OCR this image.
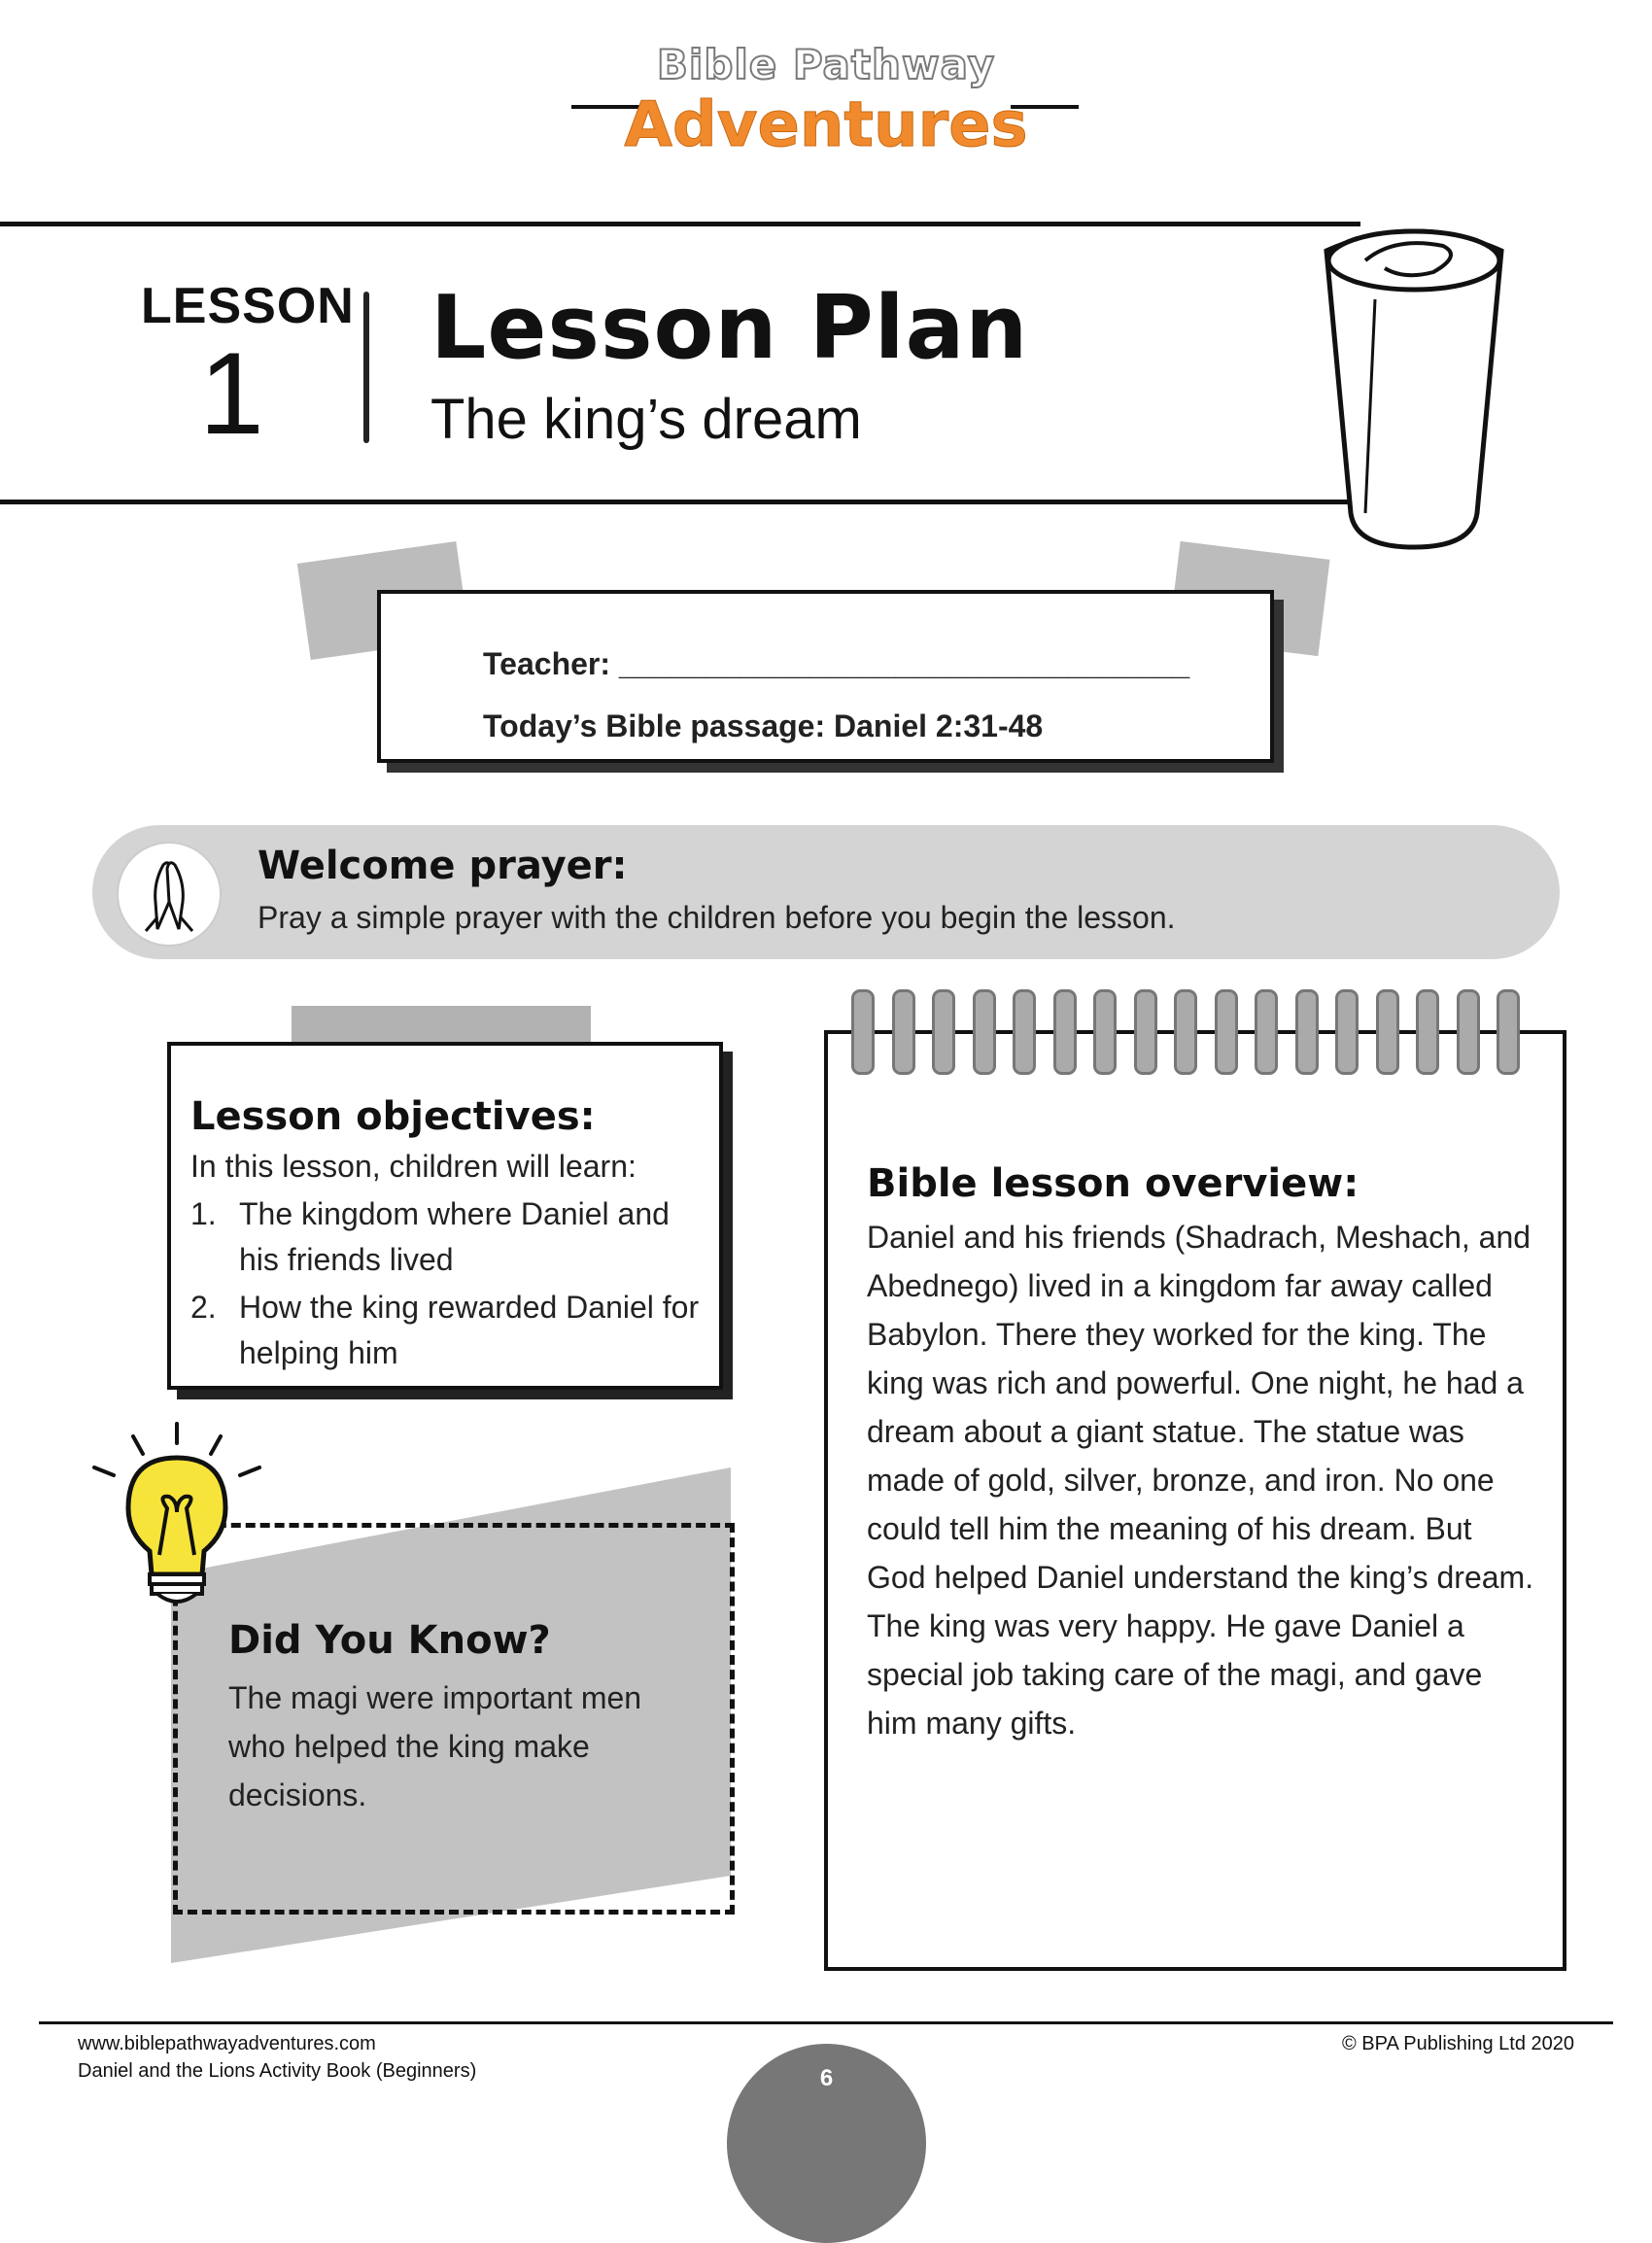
Bible Pathway
Adventures
LESSON
1
Lesson Plan
The king’s dream
Teacher: _________________________________
Today’s Bible passage: Daniel 2:31-48
Welcome prayer:
Pray a simple prayer with the children before you begin the lesson.
Lesson objectives:
In this lesson, children will learn:
1. The kingdom where Daniel and his friends lived
2. How the king rewarded Daniel for helping him
Did You Know?
The magi were important men who helped the king make decisions.
Bible lesson overview:
Daniel and his friends (Shadrach, Meshach, and Abednego) lived in a kingdom far away called Babylon. There they worked for the king. The king was rich and powerful. One night, he had a dream about a giant statue. The statue was made of gold, silver, bronze, and iron. No one could tell him the meaning of his dream. But God helped Daniel understand the king’s dream. The king was very happy. He gave Daniel a special job taking care of the magi, and gave him many gifts.
www.biblepathwayadventures.com
Daniel and the Lions Activity Book (Beginners)
© BPA Publishing Ltd 2020
6
